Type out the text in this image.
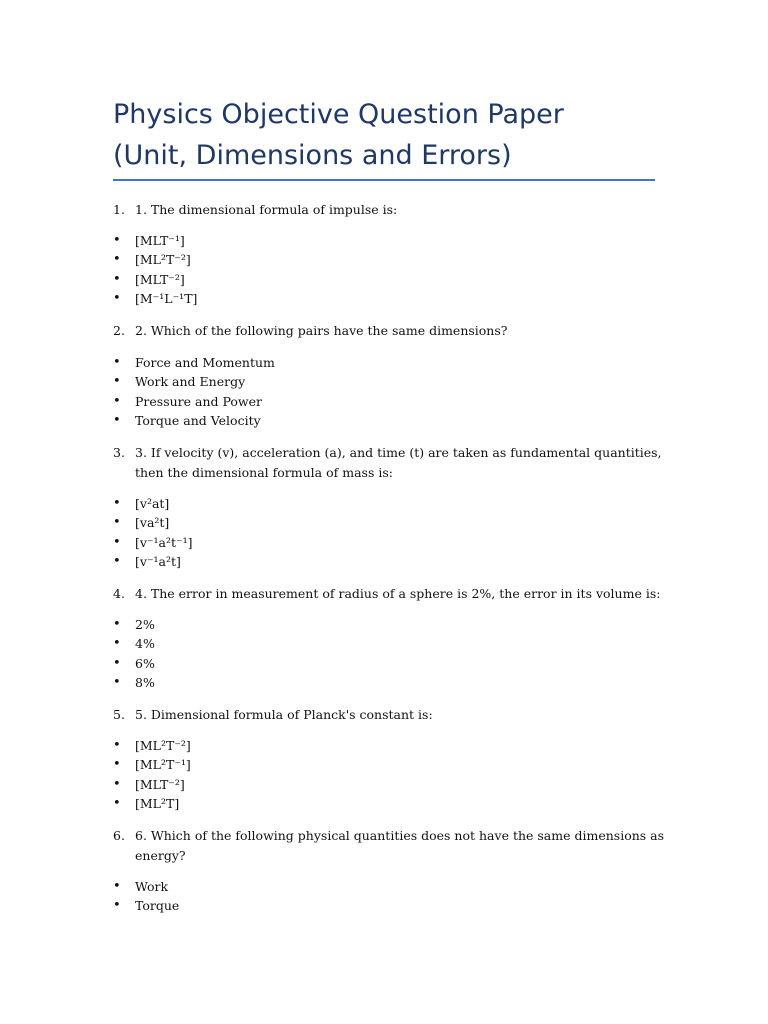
Physics Objective Question Paper
(Unit, Dimensions and Errors)
1. 1. The dimensional formula of impulse is:
• [MLT⁻¹]
• [ML²T⁻²]
• [MLT⁻²]
• [M⁻¹L⁻¹T]
2. 2. Which of the following pairs have the same dimensions?
• Force and Momentum
• Work and Energy
• Pressure and Power
• Torque and Velocity
3. 3. If velocity (v), acceleration (a), and time (t) are taken as fundamental quantities, then the dimensional formula of mass is:
• [v²at]
• [va²t]
• [v⁻¹a²t⁻¹]
• [v⁻¹a²t]
4. 4. The error in measurement of radius of a sphere is 2%, the error in its volume is:
• 2%
• 4%
• 6%
• 8%
5. 5. Dimensional formula of Planck's constant is:
• [ML²T⁻²]
• [ML²T⁻¹]
• [MLT⁻²]
• [ML²T]
6. 6. Which of the following physical quantities does not have the same dimensions as energy?
• Work
• Torque
